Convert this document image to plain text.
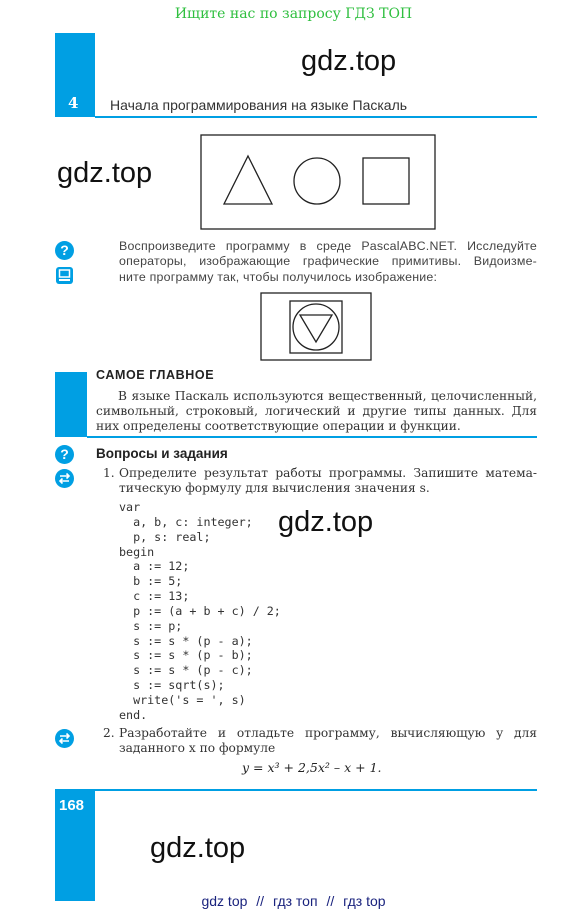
Ищите нас по запросу ГДЗ ТОП
4 Начала программирования на языке Паскаль
gdz.top
gdz.top
gdz.top
gdz.top
?	Воспроизведите программу в среде PascalABC.NET. Исследуйте
операторы, изображающие графические примитивы. Видоизме-
ните программу так, чтобы получилось изображение:
САМОЕ ГЛАВНОЕ
В языке Паскаль используются вещественный, целочисленный,
символьный, строковый, логический и другие типы данных. Для
них определены соответствующие операции и функции.
?	Вопросы и задания
1. Определите результат работы программы. Запишите матема-
тическую формулу для вычисления значения s.
var
a, b, c: integer;
p, s: real;
begin
a := 12;
b := 5;
c := 13;
p := (a + b + c) / 2;
s := p;
s := s * (p - a);
s := s * (p - b);
s := s * (p - c);
s := sqrt(s);
write('s = ', s)
end.
2. Разработайте и отладьте программу, вычисляющую y для
заданного x по формуле
y = x³ + 2,5x² – x + 1.
168
gdz top // гдз топ // гдз top
